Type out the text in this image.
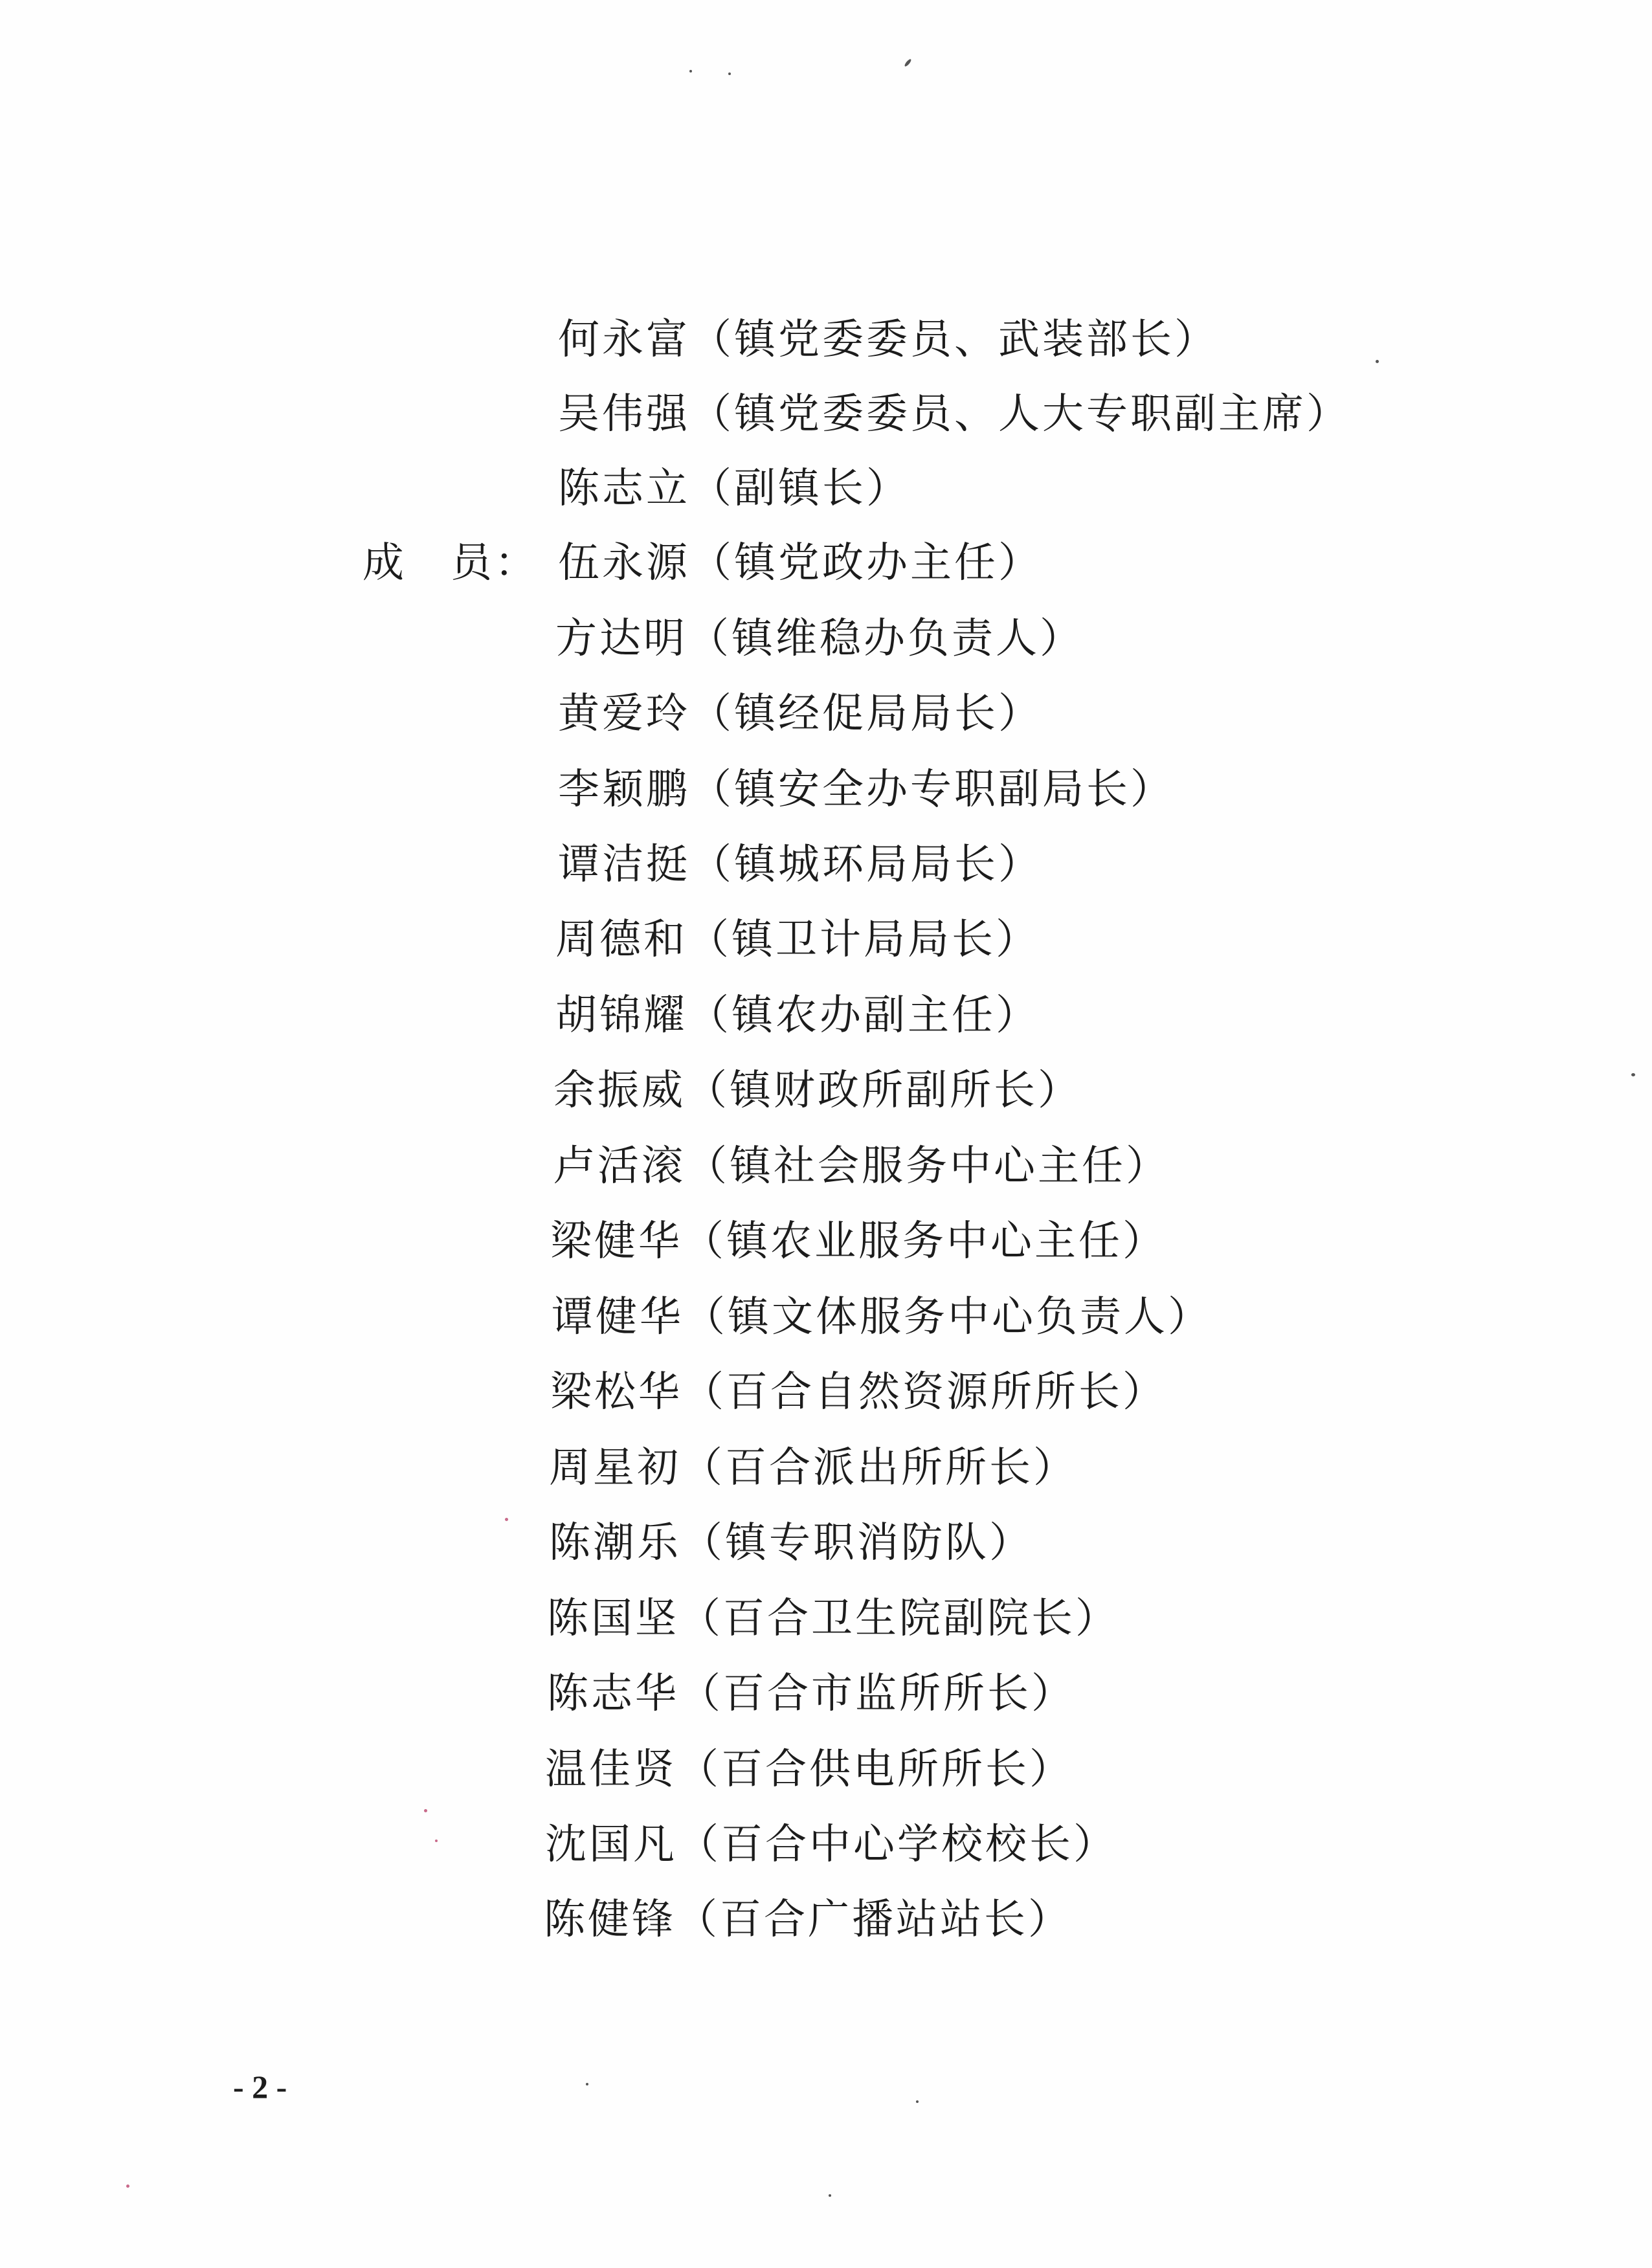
何永富（镇党委委员、武装部长）
吴伟强（镇党委委员、人大专职副主席）
陈志立（副镇长）
成　员： 伍永源（镇党政办主任）
方达明（镇维稳办负责人）
黄爱玲（镇经促局局长）
李颖鹏（镇安全办专职副局长）
谭洁挺（镇城环局局长）
周德和（镇卫计局局长）
胡锦耀（镇农办副主任）
余振威（镇财政所副所长）
卢活滚（镇社会服务中心主任）
梁健华（镇农业服务中心主任）
谭健华（镇文体服务中心负责人）
梁松华（百合自然资源所所长）
周星初（百合派出所所长）
陈潮乐（镇专职消防队）
陈国坚（百合卫生院副院长）
陈志华（百合市监所所长）
温佳贤（百合供电所所长）
沈国凡（百合中心学校校长）
陈健锋（百合广播站站长）
- 2 -
